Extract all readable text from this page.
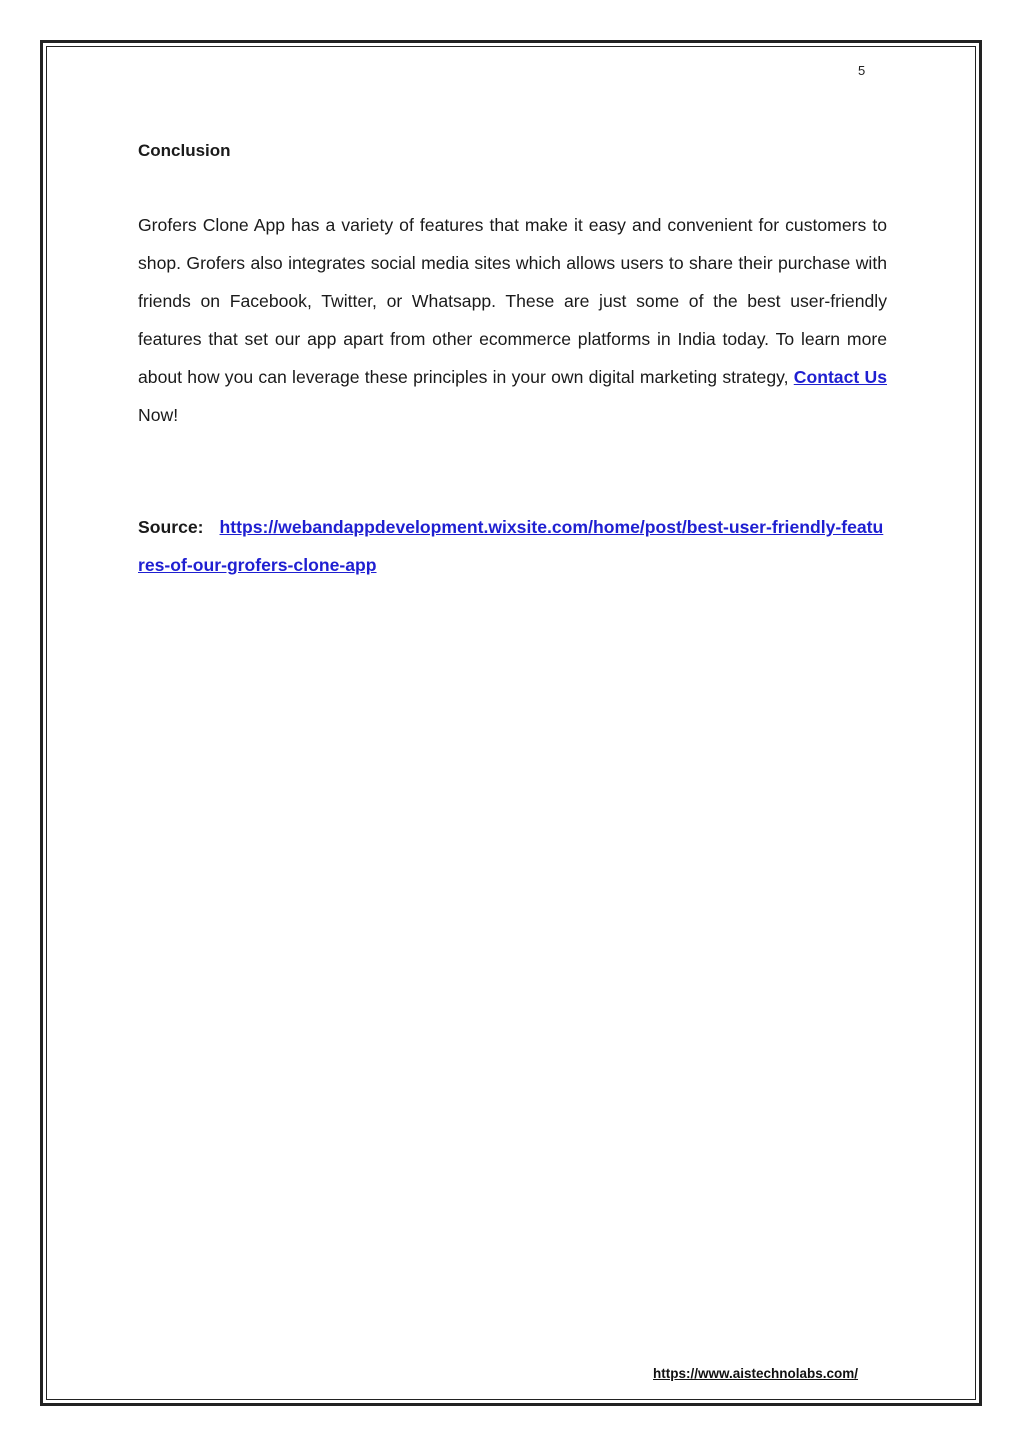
5
Conclusion

Grofers Clone App has a variety of features that make it easy and convenient for customers to shop. Grofers also integrates social media sites which allows users to share their purchase with friends on Facebook, Twitter, or Whatsapp. These are just some of the best user-friendly features that set our app apart from other ecommerce platforms in India today. To learn more about how you can leverage these principles in your own digital marketing strategy, Contact Us Now!

Source: https://webandappdevelopment.wixsite.com/home/post/best-user-friendly-features-of-our-grofers-clone-app
https://www.aistechnolabs.com/
